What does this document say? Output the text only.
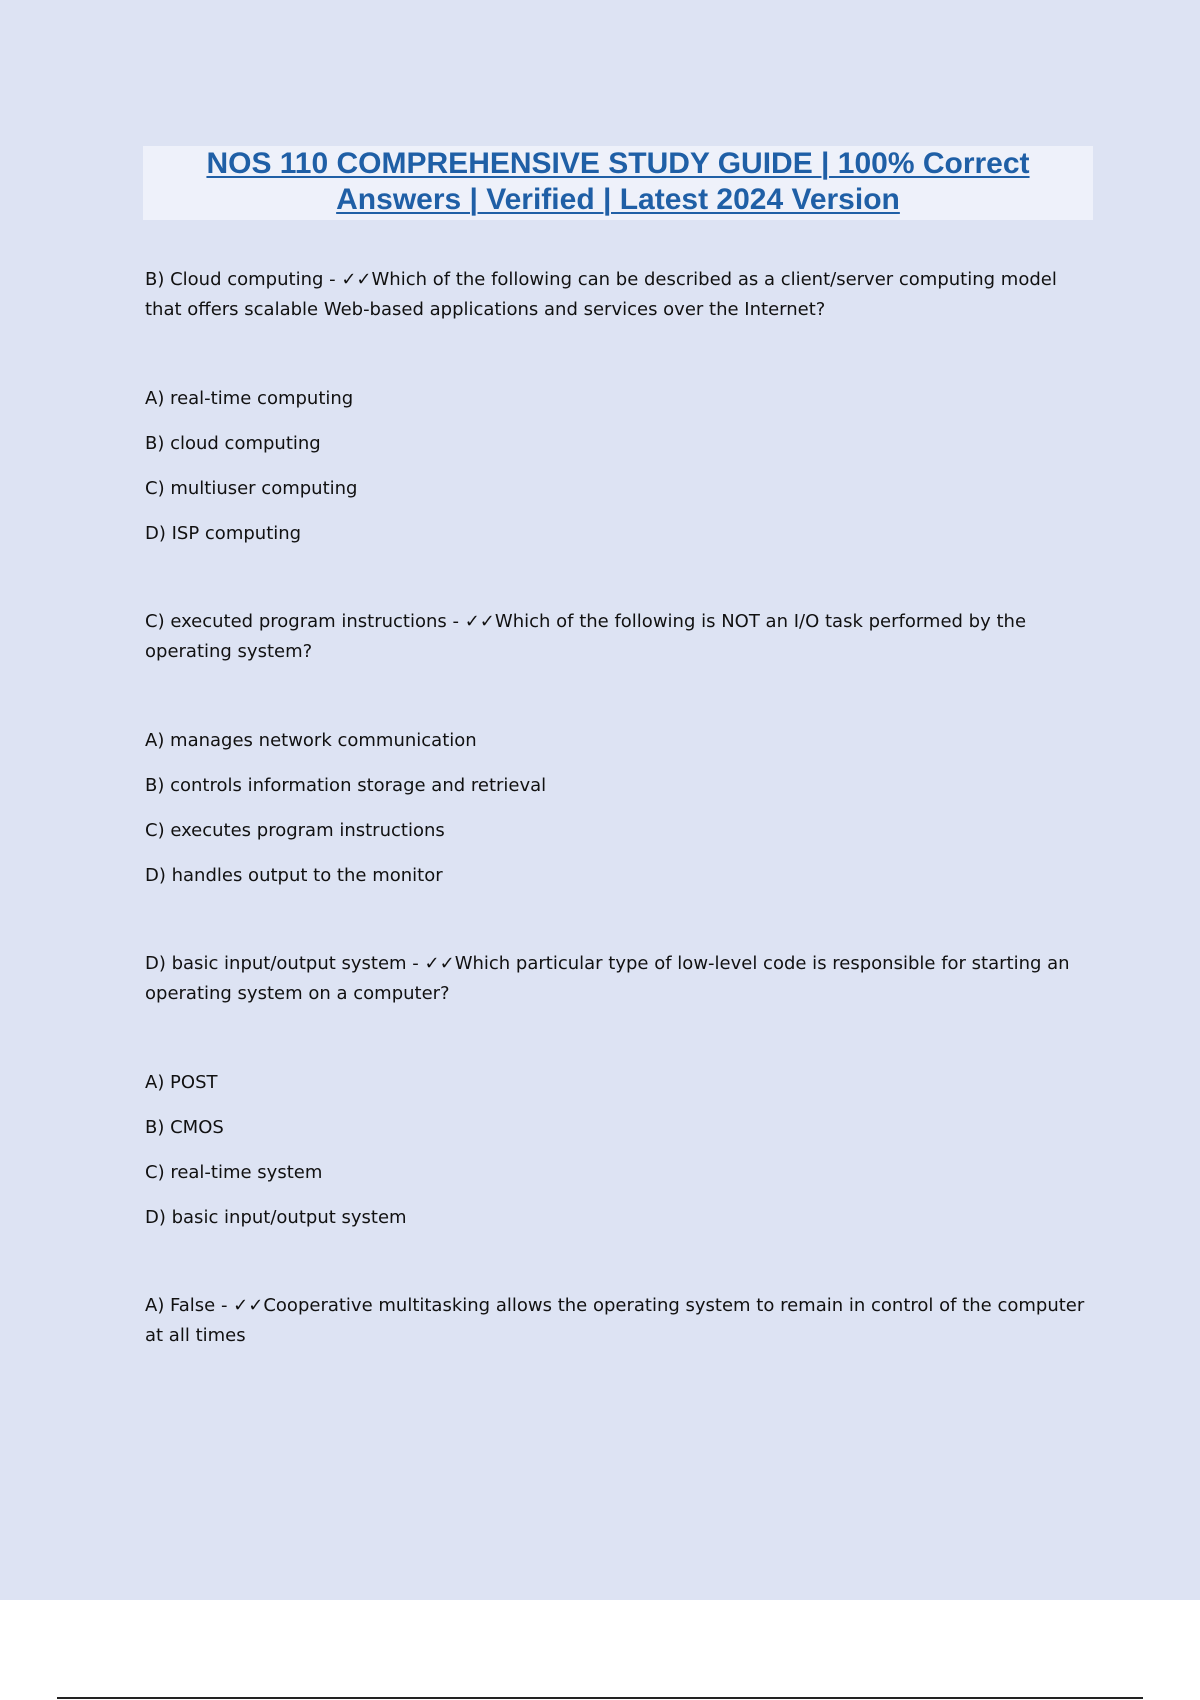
NOS 110 COMPREHENSIVE STUDY GUIDE | 100% Correct
Answers | Verified | Latest 2024 Version

B) Cloud computing - ✓✓Which of the following can be described as a client/server computing model that offers scalable Web-based applications and services over the Internet?

A) real-time computing

B) cloud computing

C) multiuser computing

D) ISP computing

C) executed program instructions - ✓✓Which of the following is NOT an I/O task performed by the operating system?

A) manages network communication

B) controls information storage and retrieval

C) executes program instructions

D) handles output to the monitor

D) basic input/output system - ✓✓Which particular type of low-level code is responsible for starting an operating system on a computer?

A) POST

B) CMOS

C) real-time system

D) basic input/output system

A) False - ✓✓Cooperative multitasking allows the operating system to remain in control of the computer at all times
